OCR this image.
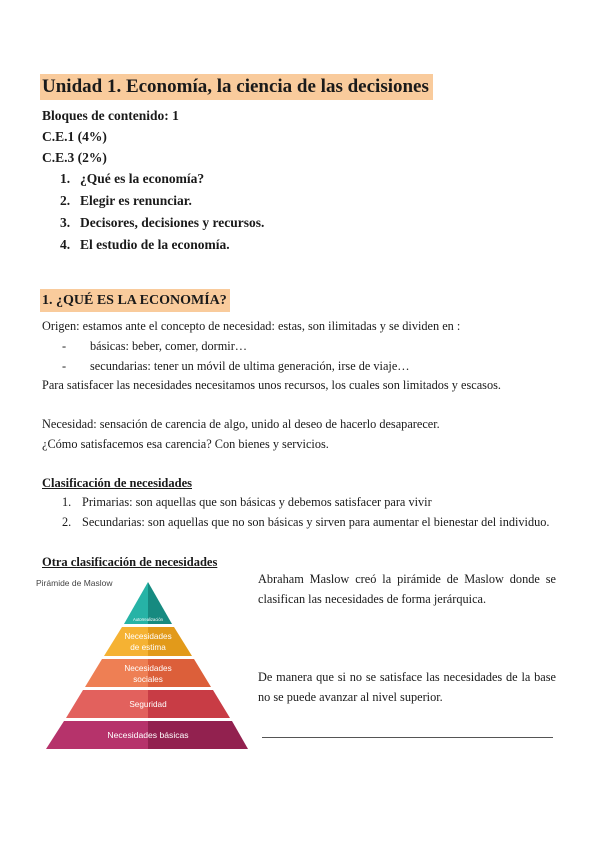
Unidad 1. Economía, la ciencia de las decisiones
Bloques de contenido: 1
C.E.1 (4%)
C.E.3 (2%)
1. ¿Qué es la economía?
2. Elegir es renunciar.
3. Decisores, decisiones y recursos.
4. El estudio de la economía.
1. ¿QUÉ ES LA ECONOMÍA?
Origen: estamos ante el concepto de necesidad: estas, son ilimitadas y se dividen en :
- básicas: beber, comer, dormir…
- secundarias: tener un móvil de ultima generación, irse de viaje…
Para satisfacer las necesidades necesitamos unos recursos, los cuales son limitados y escasos.
Necesidad: sensación de carencia de algo, unido al deseo de hacerlo desaparecer.
¿Cómo satisfacemos esa carencia? Con bienes y servicios.
Clasificación de necesidades
1. Primarias: son aquellas que son básicas y debemos satisfacer para vivir
2. Secundarias: son aquellas que no son básicas y sirven para aumentar el bienestar del individuo.
Otra clasificación de necesidades
Pirámide de Maslow
Autorrealización
Necesidades
de estima
Necesidades
sociales
Seguridad
Necesidades básicas
Abraham Maslow creó la pirámide de Maslow donde se clasifican las necesidades de forma jerárquica.
De manera que si no se satisface las necesidades de la base no se puede avanzar al nivel superior.
